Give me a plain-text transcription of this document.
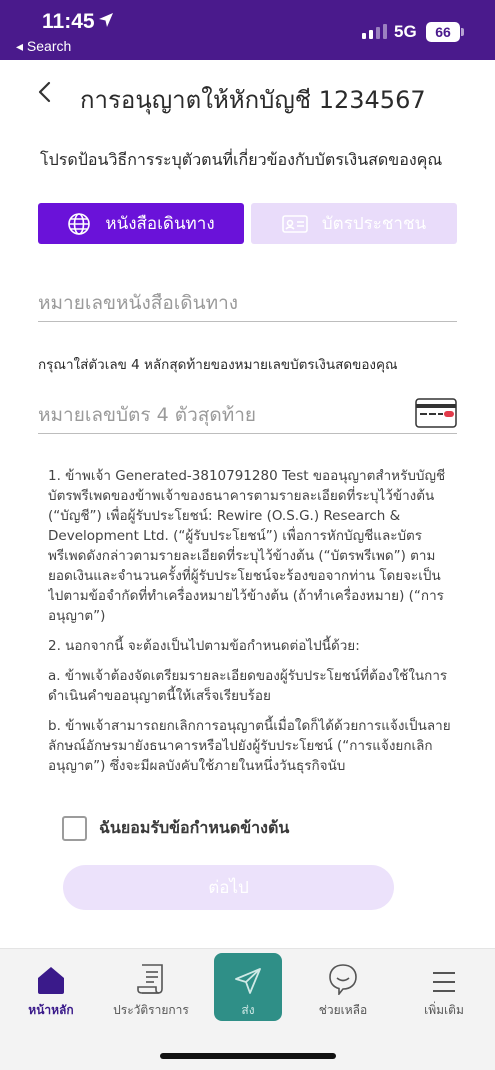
11:45
◂ Search
5G	66
การอนุญาตให้หักบัญชี 1234567
โปรดป้อนวิธีการระบุตัวตนที่เกี่ยวข้องกับบัตรเงินสดของคุณ
หนังสือเดินทาง	บัตรประชาชน
หมายเลขหนังสือเดินทาง
กรุณาใส่ตัวเลข 4 หลักสุดท้ายของหมายเลขบัตรเงินสดของคุณ
หมายเลขบัตร 4 ตัวสุดท้าย

1. ข้าพเจ้า Generated-3810791280 Test ขออนุญาตสำหรับบัญชีบัตรพรีเพดของข้าพเจ้าของธนาคารตามรายละเอียดที่ระบุไว้ข้างต้น (“บัญชี”) เพื่อผู้รับประโยชน์: Rewire (O.S.G.) Research & Development Ltd. (“ผู้รับประโยชน์”) เพื่อการหักบัญชีและบัตรพรีเพดดังกล่าวตามรายละเอียดที่ระบุไว้ข้างต้น (“บัตรพรีเพด”) ตามยอดเงินและจำนวนครั้งที่ผู้รับประโยชน์จะร้องขอจากท่าน โดยจะเป็นไปตามข้อจำกัดที่ทำเครื่องหมายไว้ข้างต้น (ถ้าทำเครื่องหมาย) (“การอนุญาต”)

2. นอกจากนี้ จะต้องเป็นไปตามข้อกำหนดต่อไปนี้ด้วย:

a. ข้าพเจ้าต้องจัดเตรียมรายละเอียดของผู้รับประโยชน์ที่ต้องใช้ในการดำเนินคำขออนุญาตนี้ให้เสร็จเรียบร้อย

b. ข้าพเจ้าสามารถยกเลิกการอนุญาตนี้เมื่อใดก็ได้ด้วยการแจ้งเป็นลายลักษณ์อักษรมายังธนาคารหรือไปยังผู้รับประโยชน์ (“การแจ้งยกเลิกอนุญาต”) ซึ่งจะมีผลบังคับใช้ภายในหนึ่งวันธุรกิจนับ

ฉันยอมรับข้อกำหนดข้างต้น
ต่อไป
หน้าหลัก	ประวัติรายการ	ช่วยเหลือ	เพิ่มเติม
ส่ง
